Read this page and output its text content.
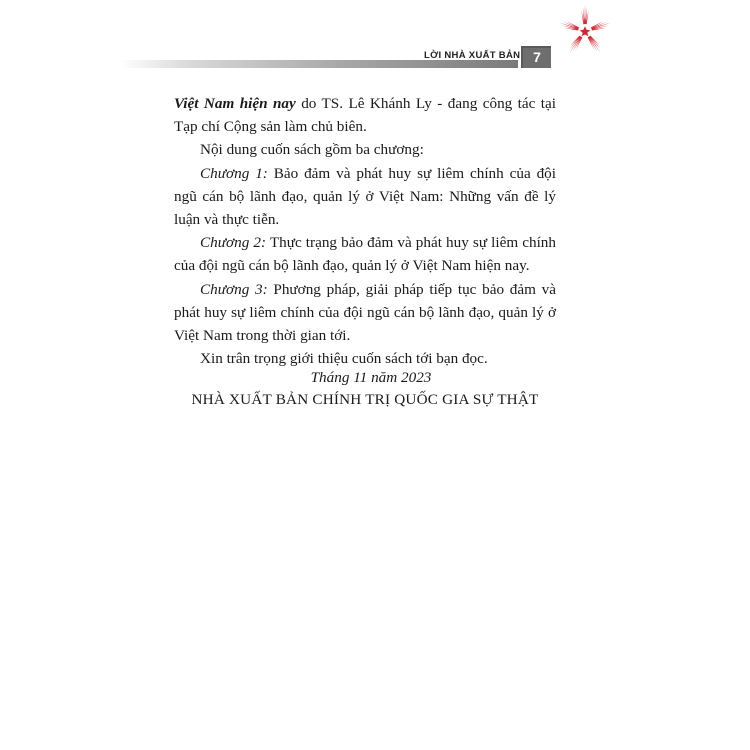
LỜI NHÀ XUẤT BẢN 7

Việt Nam hiện nay do TS. Lê Khánh Ly - đang công tác tại Tạp chí Cộng sản làm chủ biên.

Nội dung cuốn sách gồm ba chương:

Chương 1: Bảo đảm và phát huy sự liêm chính của đội ngũ cán bộ lãnh đạo, quản lý ở Việt Nam: Những vấn đề lý luận và thực tiễn.

Chương 2: Thực trạng bảo đảm và phát huy sự liêm chính của đội ngũ cán bộ lãnh đạo, quản lý ở Việt Nam hiện nay.

Chương 3: Phương pháp, giải pháp tiếp tục bảo đảm và phát huy sự liêm chính của đội ngũ cán bộ lãnh đạo, quản lý ở Việt Nam trong thời gian tới.

Xin trân trọng giới thiệu cuốn sách tới bạn đọc.

Tháng 11 năm 2023
NHÀ XUẤT BẢN CHÍNH TRỊ QUỐC GIA SỰ THẬT
